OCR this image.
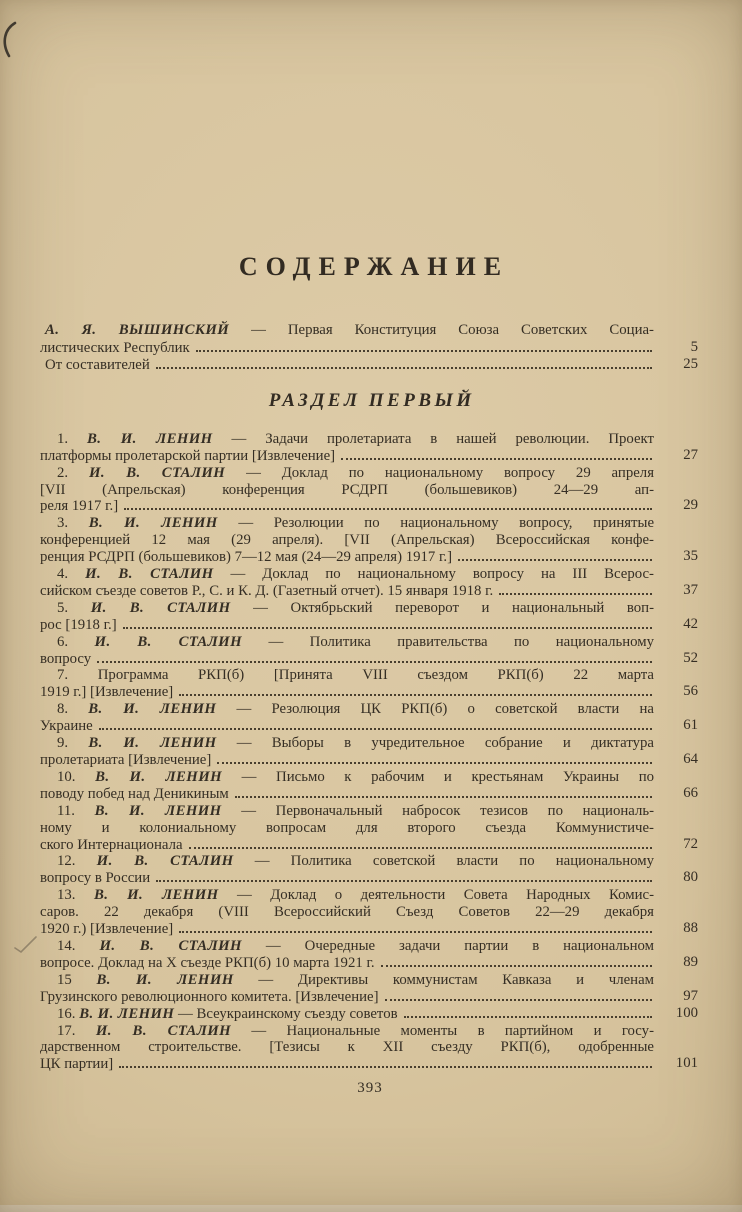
СОДЕРЖАНИЕ
А. Я. ВЫШИНСКИЙ — Первая Конституция Союза Советских Социа-
листических Республик	5
От составителей	25
РАЗДЕЛ ПЕРВЫЙ
1. В. И. ЛЕНИН — Задачи пролетариата в нашей революции. Проект
платформы пролетарской партии [Извлечение]	27
2. И. В. СТАЛИН — Доклад по национальному вопросу 29 апреля
[VII (Апрельская) конференция РСДРП (большевиков) 24—29 ап-
реля 1917 г.]	29
3. В. И. ЛЕНИН — Резолюции по национальному вопросу, принятые
конференцией 12 мая (29 апреля). [VII (Апрельская) Всероссийская конфе-
ренция РСДРП (большевиков) 7—12 мая (24—29 апреля) 1917 г.]	35
4. И. В. СТАЛИН — Доклад по национальному вопросу на III Всерос-
сийском съезде советов Р., С. и К. Д. (Газетный отчет). 15 января 1918 г.	37
5. И. В. СТАЛИН — Октябрьский переворот и национальный воп-
рос [1918 г.]	42
6. И. В. СТАЛИН — Политика правительства по национальному
вопросу	52
7. Программа РКП(б) [Принята VIII съездом РКП(б) 22 марта
1919 г.] [Извлечение]	56
8. В. И. ЛЕНИН — Резолюция ЦК РКП(б) о советской власти на
Украине	61
9. В. И. ЛЕНИН — Выборы в учредительное собрание и диктатура
пролетариата [Извлечение]	64
10. В. И. ЛЕНИН — Письмо к рабочим и крестьянам Украины по
поводу побед над Деникиным	66
11. В. И. ЛЕНИН — Первоначальный набросок тезисов по националь-
ному и колониальному вопросам для второго съезда Коммунистиче-
ского Интернационала	72
12. И. В. СТАЛИН — Политика советской власти по национальному
вопросу в России	80
13. В. И. ЛЕНИН — Доклад о деятельности Совета Народных Комис-
саров. 22 декабря (VIII Всероссийский Съезд Советов 22—29 декабря
1920 г.) [Извлечение]	88
14. И. В. СТАЛИН — Очередные задачи партии в национальном
вопросе. Доклад на X съезде РКП(б) 10 марта 1921 г.	89
15 В. И. ЛЕНИН — Директивы коммунистам Кавказа и членам
Грузинского революционного комитета. [Извлечение]	97
16. В. И. ЛЕНИН — Всеукраинскому съезду советов	100
17. И. В. СТАЛИН — Национальные моменты в партийном и госу-
дарственном строительстве. [Тезисы к XII съезду РКП(б), одобренные
ЦК партии]	101
393
